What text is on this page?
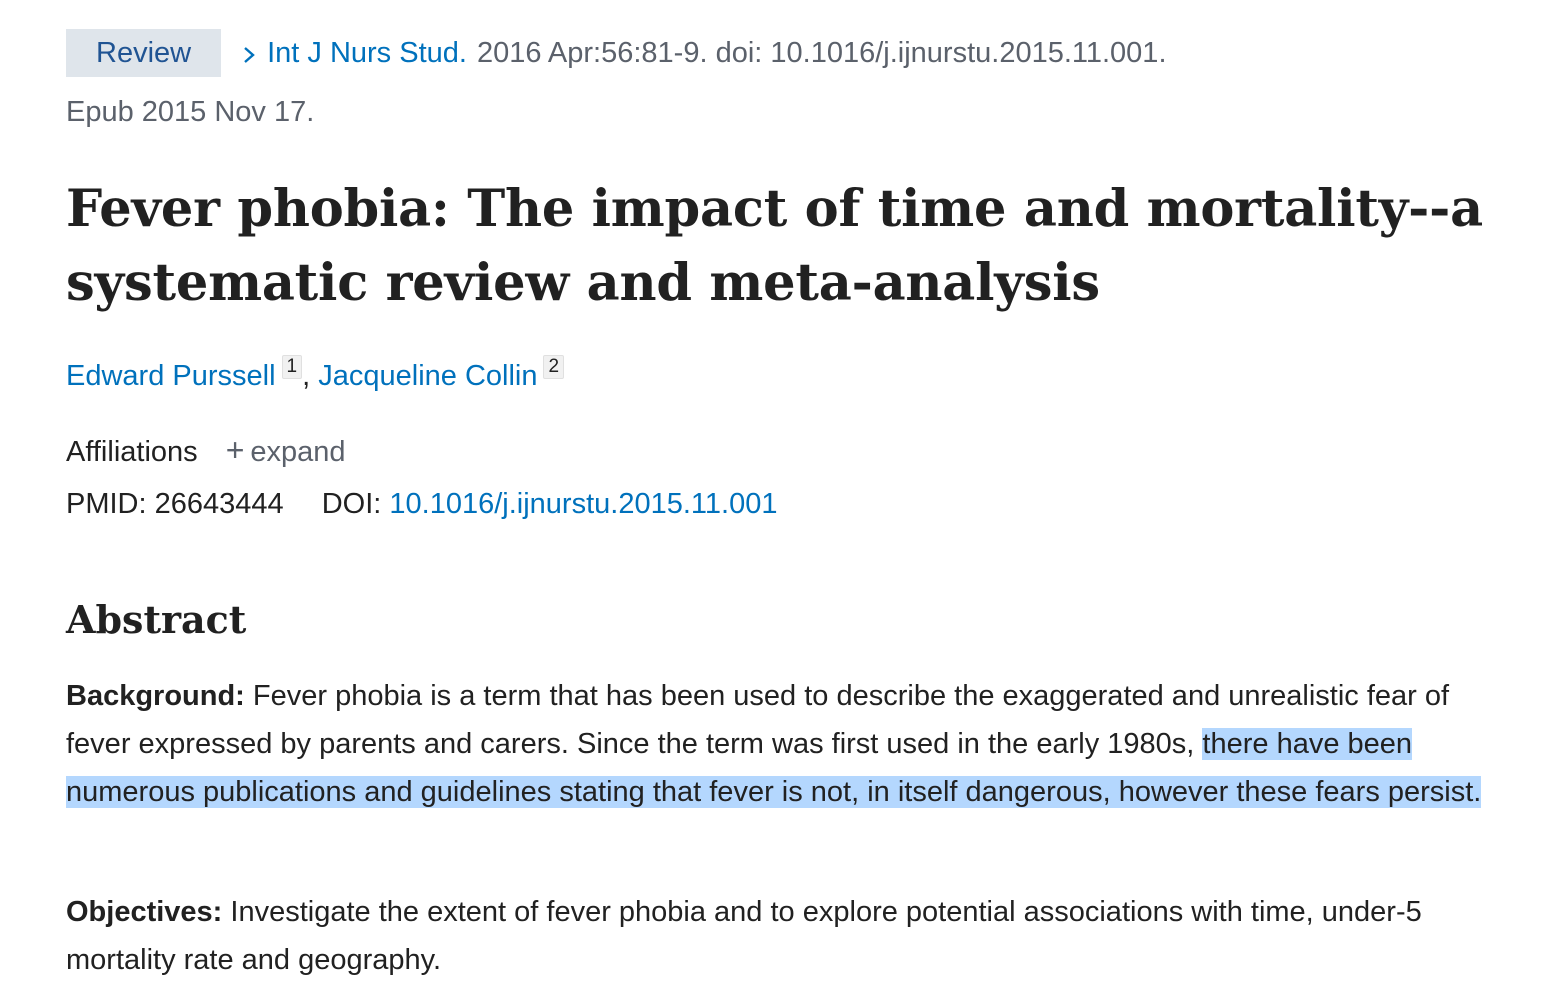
Review	Int J Nurs Stud. 2016 Apr:56:81-9. doi: 10.1016/j.ijnurstu.2015.11.001.
Epub 2015 Nov 17.
Fever phobia: The impact of time and mortality--a systematic review and meta-analysis
Edward Purssell 1 , Jacqueline Collin 2
Affiliations + expand
PMID: 26643444 DOI: 10.1016/j.ijnurstu.2015.11.001
Abstract

Background: Fever phobia is a term that has been used to describe the exaggerated and unrealistic fear of fever expressed by parents and carers. Since the term was first used in the early 1980s, there have been numerous publications and guidelines stating that fever is not, in itself dangerous, however these fears persist.

Objectives: Investigate the extent of fever phobia and to explore potential associations with time, under-5 mortality rate and geography.
